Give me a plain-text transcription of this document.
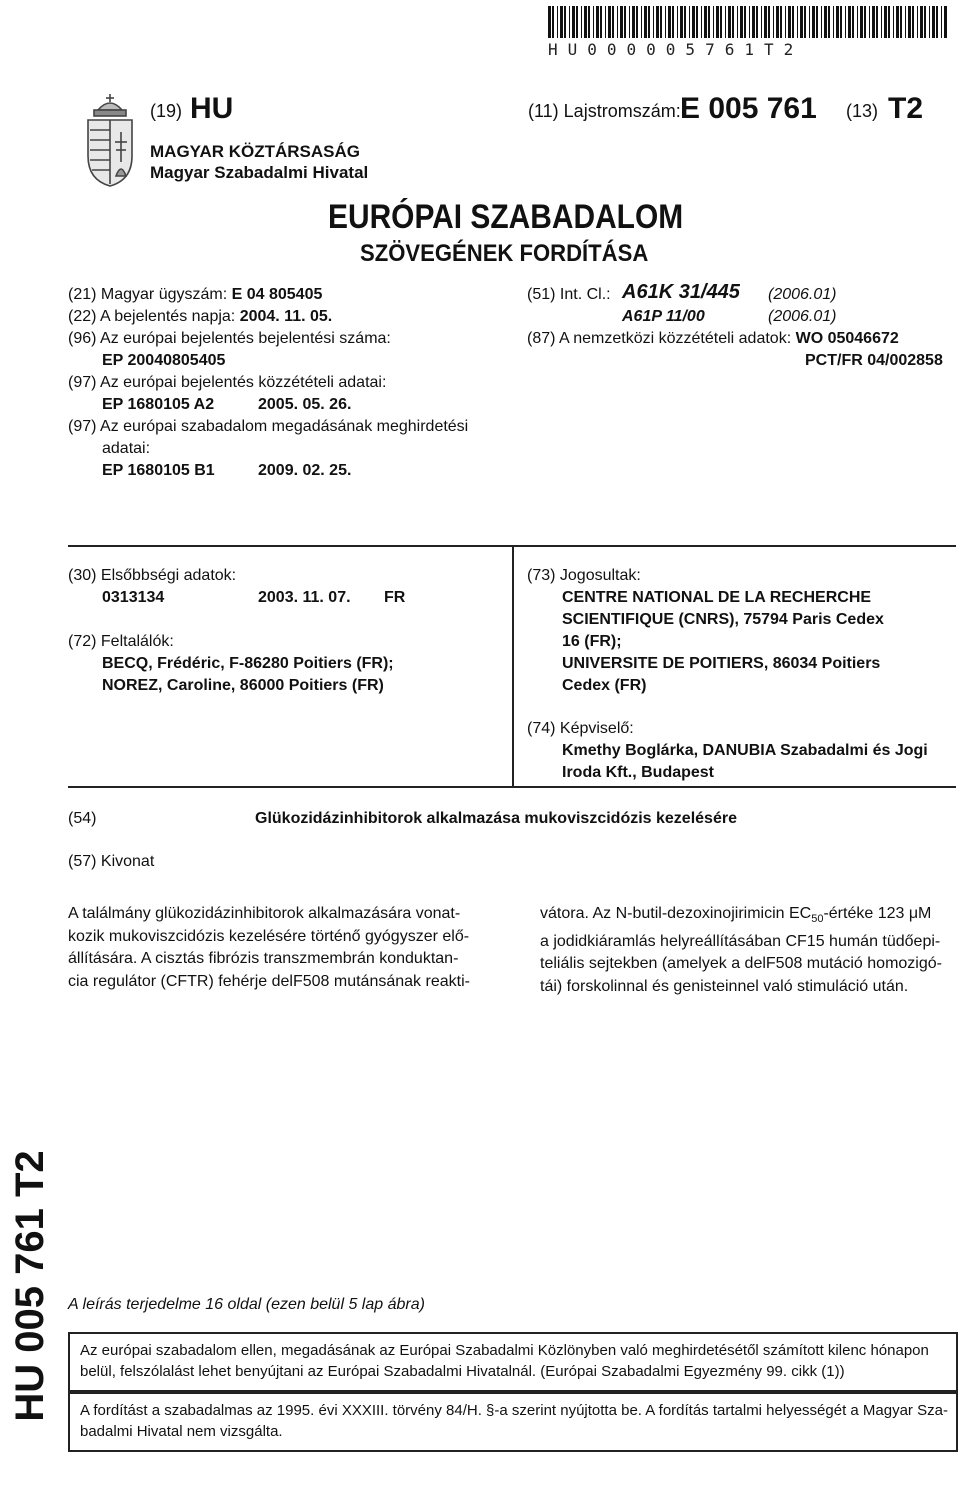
HU000005761T2
(19) HU	(11) Lajstromszám: E 005 761 (13) T2
MAGYAR KÖZTÁRSASÁG
Magyar Szabadalmi Hivatal
EURÓPAI SZABADALOM
SZÖVEGÉNEK FORDÍTÁSA
(21) Magyar ügyszám: E 04 805405
(22) A bejelentés napja: 2004. 11. 05.
(96) Az európai bejelentés bejelentési száma:
EP 20040805405
(97) Az európai bejelentés közzétételi adatai:
EP 1680105 A2	2005. 05. 26.
(97) Az európai szabadalom megadásának meghirdetési
adatai:
EP 1680105 B1	2009. 02. 25.
(51) Int. Cl.: A61K 31/445 (2006.01)
A61P 11/00	(2006.01)
(87) A nemzetközi közzétételi adatok: WO 05046672
PCT/FR 04/002858
(30) Elsőbbségi adatok:
0313134	2003. 11. 07. FR
(72) Feltalálók:
BECQ, Frédéric, F-86280 Poitiers (FR);
NOREZ, Caroline, 86000 Poitiers (FR)
(73) Jogosultak:
CENTRE NATIONAL DE LA RECHERCHE
SCIENTIFIQUE (CNRS), 75794 Paris Cedex
16 (FR);
UNIVERSITE DE POITIERS, 86034 Poitiers
Cedex (FR)
(74) Képviselő:
Kmethy Boglárka, DANUBIA Szabadalmi és Jogi
Iroda Kft., Budapest
(54)	Glükozidázinhibitorok alkalmazása mukoviszcidózis kezelésére
(57) Kivonat
A találmány glükozidázinhibitorok alkalmazására vonat-
kozik mukoviszcidózis kezelésére történő gyógyszer elő-
állítására. A cisztás fibrózis transzmembrán konduktan-
cia regulátor (CFTR) fehérje delF508 mutánsának reakti-
vátora. Az N-butil-dezoxinojirimicin $EC_{50}$-értéke 123 μM
a jodidkiáramlás helyreállításában CF15 humán tüdőepi-
teliális sejtekben (amelyek a delF508 mutáció homozigó-
tái) forskolinnal és genisteinnel való stimuláció után.
HU 005 761 T2 A leírás terjedelme 16 oldal (ezen belül 5 lap ábra)
Az európai szabadalom ellen, megadásának az Európai Szabadalmi Közlönyben való meghirdetésétől számított kilenc hónapon
belül, felszólalást lehet benyújtani az Európai Szabadalmi Hivatalnál. (Európai Szabadalmi Egyezmény 99. cikk (1))
A fordítást a szabadalmas az 1995. évi XXXIII. törvény 84/H. §-a szerint nyújtotta be. A fordítás tartalmi helyességét a Magyar Sza-
badalmi Hivatal nem vizsgálta.
